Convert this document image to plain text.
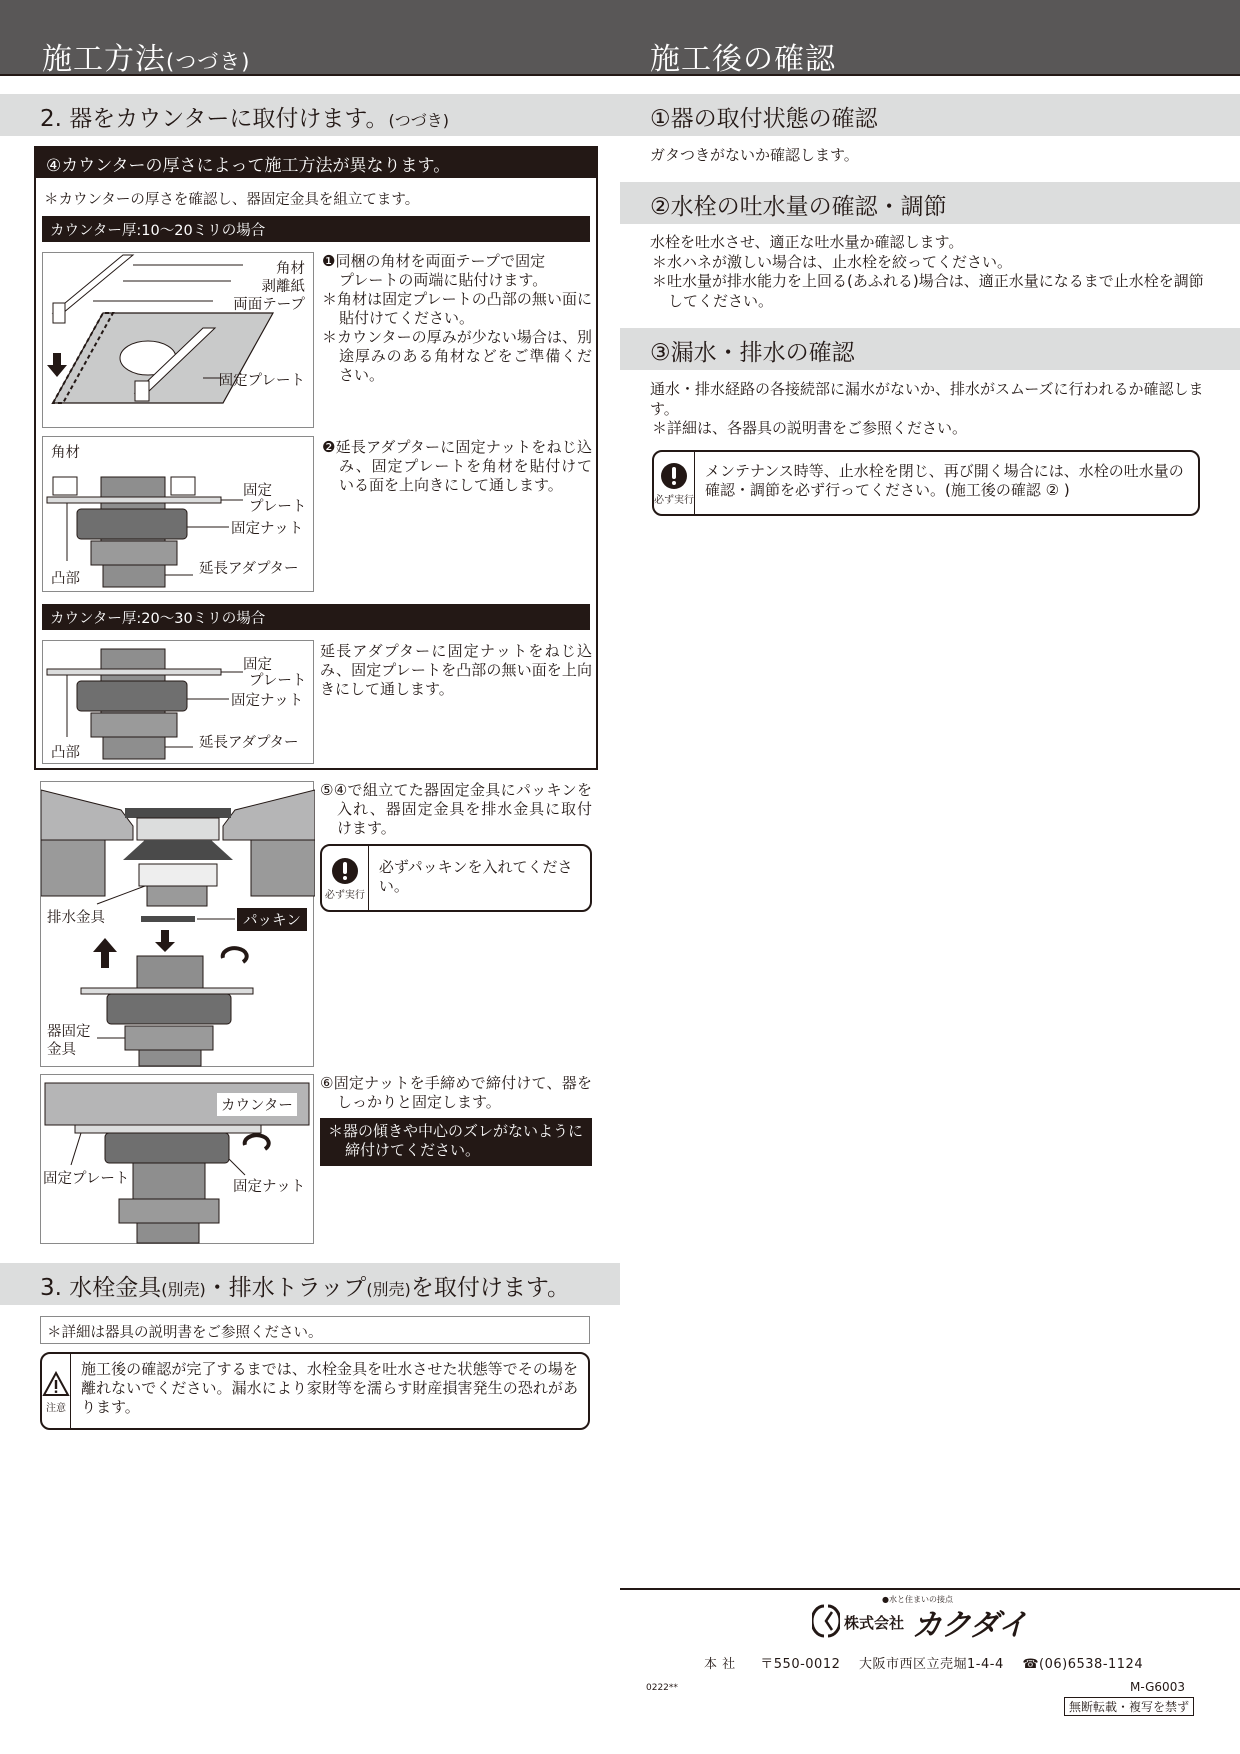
施工方法(つづき)	施工後の確認
2. 器をカウンターに取付けます。(つづき)
④カウンターの厚さによって施工方法が異なります。
＊カウンターの厚さを確認し、器固定金具を組立てます。
カウンター厚:10〜20ミリの場合
角材
剥離紙
両面テープ
固定プレート
❶同梱の角材を両面テープで固定
プレートの両端に貼付けます。
＊角材は固定プレートの凸部の無い面に貼付けてください。
＊カウンターの厚みが少ない場合は、別途厚みのある角材などをご準備ください。
角材
固定
プレート
固定ナット
延長アダプター
凸部
❷延長アダプターに固定ナットをねじ込み、固定プレートを角材を貼付けている面を上向きにして通します。
カウンター厚:20〜30ミリの場合
固定
プレート
固定ナット
延長アダプター
凸部
延長アダプターに固定ナットをねじ込み、固定プレートを凸部の無い面を上向きにして通します。
排水金具	パッキン
器固定
金具
⑤④で組立てた器固定金具にパッキンを入れ、器固定金具を排水金具に取付けます。
必ず実行
必ずパッキンを入れてください。
カウンター
固定プレート	固定ナット
⑥固定ナットを手締めで締付けて、器をしっかりと固定します。
＊器の傾きや中心のズレがないように締付けてください。
3. 水栓金具(別売)・排水トラップ(別売)を取付けます。
＊詳細は器具の説明書をご参照ください。
注意
施工後の確認が完了するまでは、水栓金具を吐水させた状態等でその場を離れないでください。漏水により家財等を濡らす財産損害発生の恐れがあります。
①器の取付状態の確認
ガタつきがないか確認します。
②水栓の吐水量の確認・調節
水栓を吐水させ、適正な吐水量か確認します。
＊水ハネが激しい場合は、止水栓を絞ってください。
＊吐水量が排水能力を上回る(あふれる)場合は、適正水量になるまで止水栓を調節してください。
③漏水・排水の確認
通水・排水経路の各接続部に漏水がないか、排水がスムーズに行われるか確認します。
＊詳細は、各器具の説明書をご参照ください。
必ず実行
メンテナンス時等、止水栓を閉じ、再び開く場合には、水栓の吐水量の確認・調節を必ず行ってください。(施工後の確認 ② )
●水と住まいの接点
株式会社 カクダイ
本 社 〒550-0012 大阪市西区立売堀1-4-4 ☎(06)6538-1124
0222**	M-G6003
無断転載・複写を禁ず
